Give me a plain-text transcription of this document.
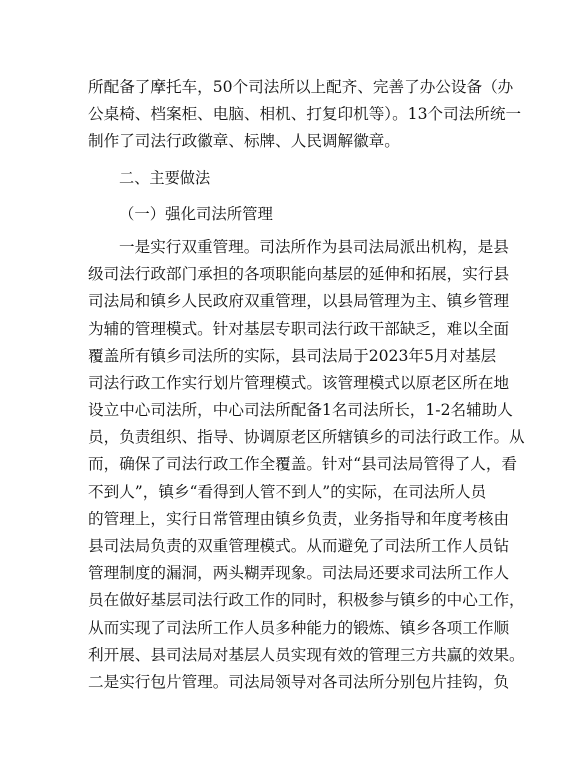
所配备了摩托车，50个司法所以上配齐、完善了办公设备（办
公桌椅、档案柜、电脑、相机、打复印机等）。13个司法所统一
制作了司法行政徽章、标牌、人民调解徽章。
二、主要做法
（一）强化司法所管理
一是实行双重管理。司法所作为县司法局派出机构，是县
级司法行政部门承担的各项职能向基层的延伸和拓展，实行县
司法局和镇乡人民政府双重管理，以县局管理为主、镇乡管理
为辅的管理模式。针对基层专职司法行政干部缺乏，难以全面
覆盖所有镇乡司法所的实际，县司法局于2023年5月对基层
司法行政工作实行划片管理模式。该管理模式以原老区所在地
设立中心司法所，中心司法所配备1名司法所长，1-2名辅助人
员，负责组织、指导、协调原老区所辖镇乡的司法行政工作。从
而，确保了司法行政工作全覆盖。针对“县司法局管得了人，看
不到人”，镇乡“看得到人管不到人”的实际，在司法所人员
的管理上，实行日常管理由镇乡负责，业务指导和年度考核由
县司法局负责的双重管理模式。从而避免了司法所工作人员钻
管理制度的漏洞，两头糊弄现象。司法局还要求司法所工作人
员在做好基层司法行政工作的同时，积极参与镇乡的中心工作，
从而实现了司法所工作人员多种能力的锻炼、镇乡各项工作顺
利开展、县司法局对基层人员实现有效的管理三方共赢的效果。
二是实行包片管理。司法局领导对各司法所分别包片挂钩，负
